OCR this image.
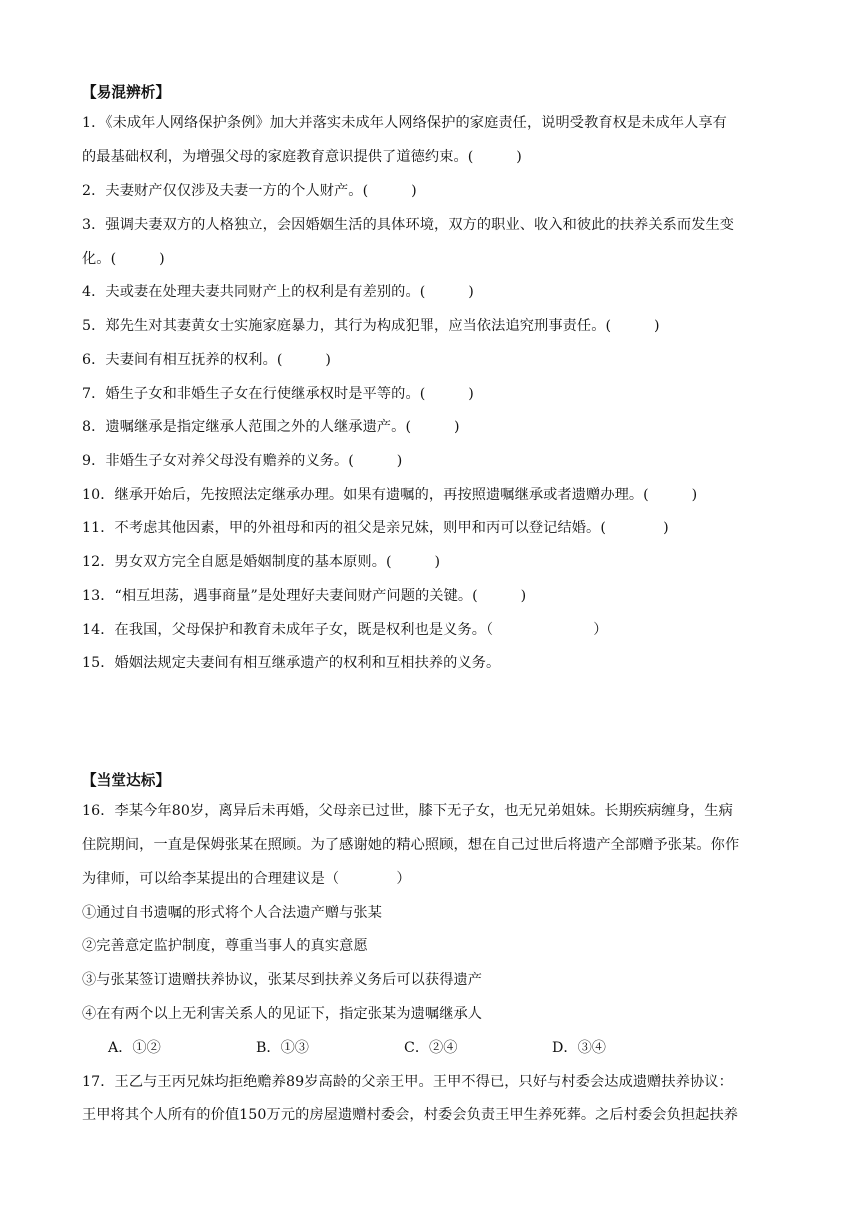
【易混辨析】
1．《未成年人网络保护条例》加大并落实未成年人网络保护的家庭责任，说明受教育权是未成年人享有
的最基础权利，为增强父母的家庭教育意识提供了道德约束。(　　　)
2．夫妻财产仅仅涉及夫妻一方的个人财产。(　　　)
3．强调夫妻双方的人格独立，会因婚姻生活的具体环境，双方的职业、收入和彼此的扶养关系而发生变
化。(　　　)
4．夫或妻在处理夫妻共同财产上的权利是有差别的。(　　　)
5．郑先生对其妻黄女士实施家庭暴力，其行为构成犯罪，应当依法追究刑事责任。(　　　)
6．夫妻间有相互抚养的权利。(　　　)
7．婚生子女和非婚生子女在行使继承权时是平等的。(　　　)
8．遗嘱继承是指定继承人范围之外的人继承遗产。(　　　)
9．非婚生子女对养父母没有赡养的义务。(　　　)
10．继承开始后，先按照法定继承办理。如果有遗嘱的，再按照遗嘱继承或者遗赠办理。(　　　)
11．不考虑其他因素，甲的外祖母和丙的祖父是亲兄妹，则甲和丙可以登记结婚。(　　　　)
12．男女双方完全自愿是婚姻制度的基本原则。(　　　)
13．“相互坦荡，遇事商量”是处理好夫妻间财产问题的关键。(　　　)
14．在我国，父母保护和教育未成年子女，既是权利也是义务。（　　　　　　　）
15．婚姻法规定夫妻间有相互继承遗产的权利和互相扶养的义务。
【当堂达标】
16．李某今年80岁，离异后未再婚，父母亲已过世，膝下无子女，也无兄弟姐妹。长期疾病缠身，生病
住院期间，一直是保姆张某在照顾。为了感谢她的精心照顾，想在自己过世后将遗产全部赠予张某。你作
为律师，可以给李某提出的合理建议是（　　　　）
①通过自书遗嘱的形式将个人合法遗产赠与张某
②完善意定监护制度，尊重当事人的真实意愿
③与张某签订遗赠扶养协议，张某尽到扶养义务后可以获得遗产
④在有两个以上无利害关系人的见证下，指定张某为遗嘱继承人
A．①②	B．①③	C．②④	D．③④
17．王乙与王丙兄妹均拒绝赡养89岁高龄的父亲王甲。王甲不得已，只好与村委会达成遗赠扶养协议：
王甲将其个人所有的价值150万元的房屋遗赠村委会，村委会负责王甲生养死葬。之后村委会负担起扶养
